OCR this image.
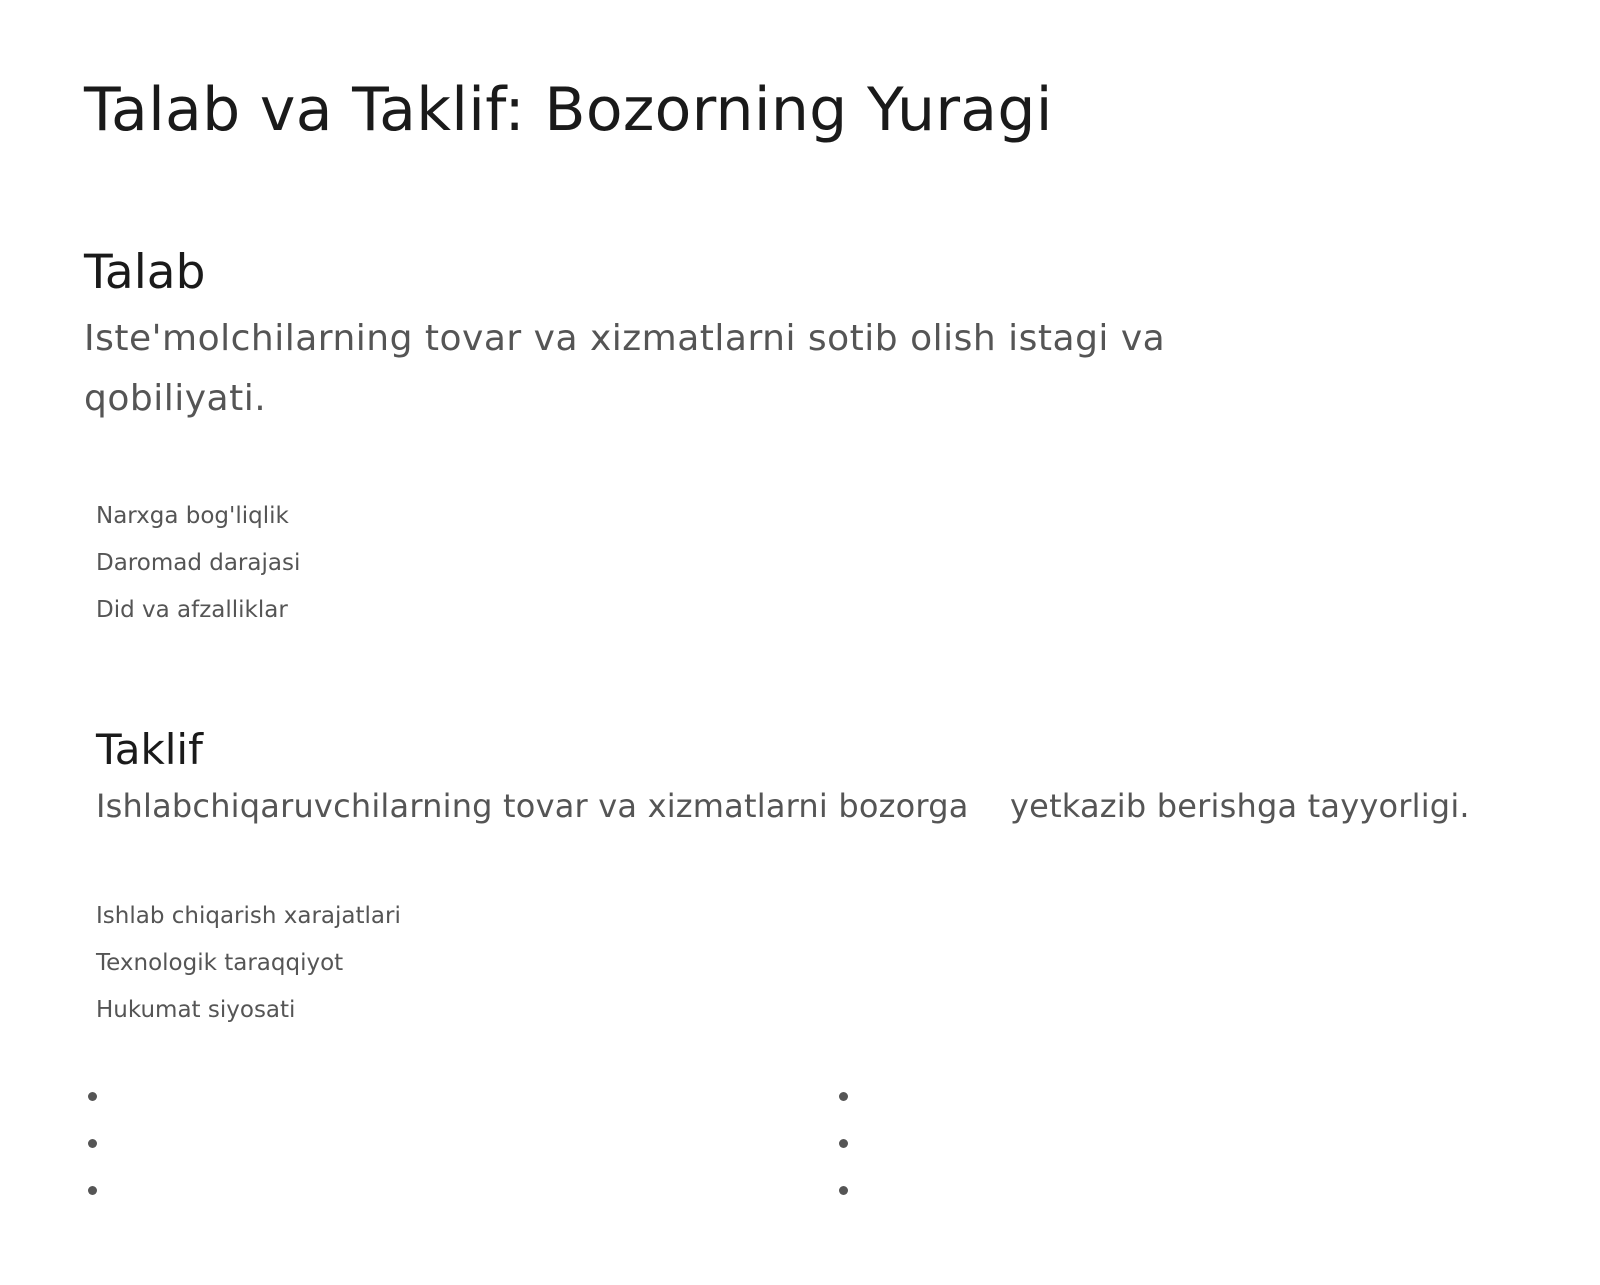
Talab va Taklif: Bozorning Yuragi
Talab

Iste'molchilarning tovar va xizmatlarni sotib olish istagi va qobiliyati.

Narxga bog'liqlik
Daromad darajasi
Did va afzalliklar
Taklif

Ishlabchiqaruvchilarning tovar va xizmatlarni bozorga    yetkazib berishga tayyorligi.

Ishlab chiqarish xarajatlari
Texnologik taraqqiyot
Hukumat siyosati
